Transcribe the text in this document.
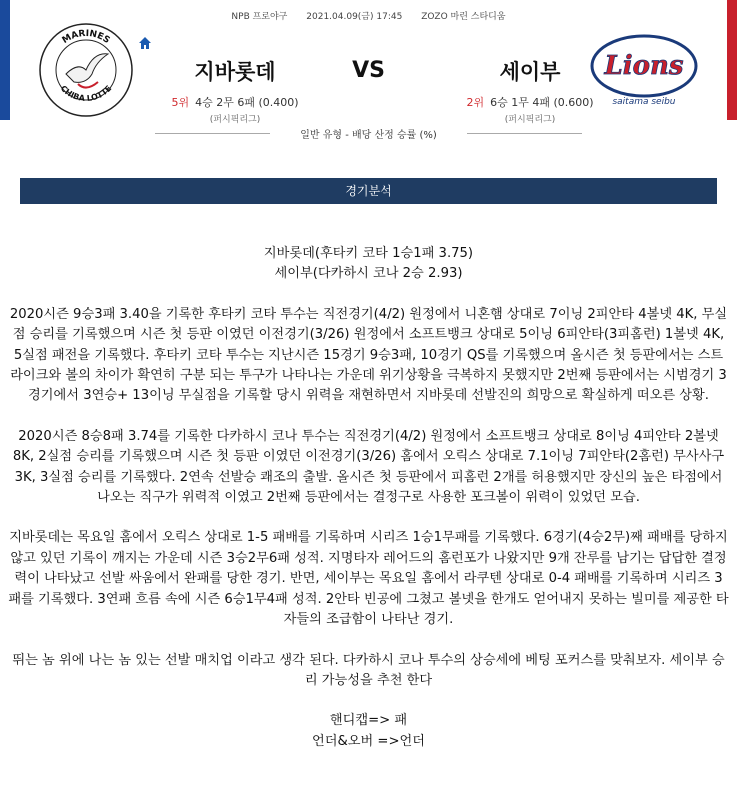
NPB 프로야구 2021.04.09(금) 17:45 ZOZO 마린 스타디움
MARINES
CHIBA LOTTE
지바롯데
5위 4승 2무 6패 (0.400)
(퍼시픽리그)
VS	세이부
2위 6승 1무 4패 (0.600)
(퍼시픽리그)
Lions
saitama seibu
일반 유형 - 배당 산정 승률 (%)
경기분석

지바롯데(후타키 코타 1승1패 3.75)

세이부(다카하시 코나 2승 2.93)

2020시즌 9승3패 3.40을 기록한 후타키 코타 투수는 직전경기(4/2) 원정에서 니혼햄 상대로 7이닝 2피안타 4볼넷 4K, 무실점 승리를 기록했으며 시즌 첫 등판 이였던 이전경기(3/26) 원정에서 소프트뱅크 상대로 5이닝 6피안타(3피홈런) 1볼넷 4K, 5실점 패전을 기록했다. 후타키 코타 투수는 지난시즌 15경기 9승3패, 10경기 QS를 기록했으며 올시즌 첫 등판에서는 스트라이크와 볼의 차이가 확연히 구분 되는 투구가 나타나는 가운데 위기상황을 극복하지 못했지만 2번째 등판에서는 시범경기 3경기에서 3연승+ 13이닝 무실점을 기록할 당시 위력을 재현하면서 지바롯데 선발진의 희망으로 확실하게 떠오른 상황.

2020시즌 8승8패 3.74를 기록한 다카하시 코나 투수는 직전경기(4/2) 원정에서 소프트뱅크 상대로 8이닝 4피안타 2볼넷 8K, 2실점 승리를 기록했으며 시즌 첫 등판 이였던 이전경기(3/26) 홈에서 오릭스 상대로 7.1이닝 7피안타(2홈런) 무사사구 3K, 3실점 승리를 기록했다. 2연속 선발승 쾌조의 출발. 올시즌 첫 등판에서 피홈런 2개를 허용했지만 장신의 높은 타점에서 나오는 직구가 위력적 이였고 2번째 등판에서는 결정구로 사용한 포크볼이 위력이 있었던 모습.

지바롯데는 목요일 홈에서 오릭스 상대로 1-5 패배를 기록하며 시리즈 1승1무패를 기록했다. 6경기(4승2무)째 패배를 당하지 않고 있던 기록이 깨지는 가운데 시즌 3승2무6패 성적. 지명타자 레어드의 홈런포가 나왔지만 9개 잔루를 남기는 답답한 결정력이 나타났고 선발 싸움에서 완패를 당한 경기. 반면, 세이부는 목요일 홈에서 라쿠텐 상대로 0-4 패배를 기록하며 시리즈 3패를 기록했다. 3연패 흐름 속에 시즌 6승1무4패 성적. 2안타 빈공에 그쳤고 볼넷을 한개도 얻어내지 못하는 빌미를 제공한 타자들의 조급함이 나타난 경기.

뛰는 놈 위에 나는 놈 있는 선발 매치업 이라고 생각 된다. 다카하시 코나 투수의 상승세에 베팅 포커스를 맞춰보자. 세이부 승리 가능성을 추천 한다

핸디캡=> 패

언더&오버 =>언더
